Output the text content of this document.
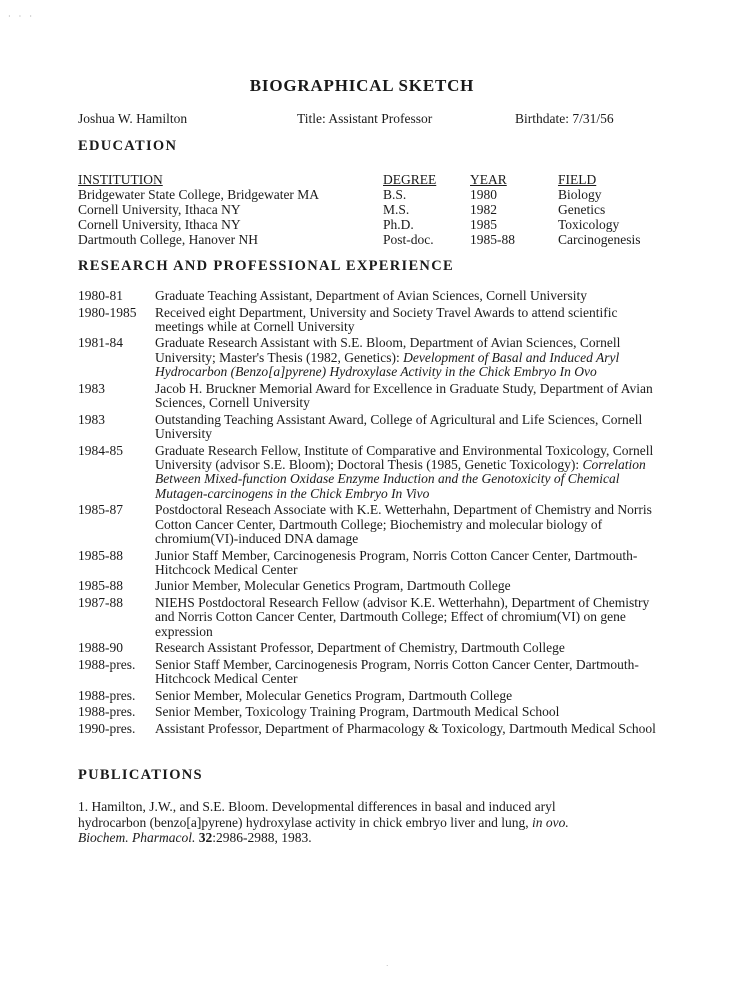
· · ·
BIOGRAPHICAL SKETCH
Joshua W. Hamilton	Title: Assistant Professor	Birthdate: 7/31/56
EDUCATION
INSTITUTION	DEGREE	YEAR	FIELD
Bridgewater State College, Bridgewater MA	B.S.	1980	Biology
Cornell University, Ithaca NY	M.S.	1982	Genetics
Cornell University, Ithaca NY	Ph.D.	1985	Toxicology
Dartmouth College, Hanover NH	Post-doc.	1985-88	Carcinogenesis
RESEARCH AND PROFESSIONAL EXPERIENCE
1980-81	Graduate Teaching Assistant, Department of Avian Sciences, Cornell University
1980-1985	Received eight Department, University and Society Travel Awards to attend scientific meetings while at Cornell University
1981-84	Graduate Research Assistant with S.E. Bloom, Department of Avian Sciences, Cornell University; Master's Thesis (1982, Genetics): Development of Basal and Induced Aryl Hydrocarbon (Benzo[a]pyrene) Hydroxylase Activity in the Chick Embryo In Ovo
1983	Jacob H. Bruckner Memorial Award for Excellence in Graduate Study, Department of Avian Sciences, Cornell University
1983	Outstanding Teaching Assistant Award, College of Agricultural and Life Sciences, Cornell University
1984-85	Graduate Research Fellow, Institute of Comparative and Environmental Toxicology, Cornell University (advisor S.E. Bloom); Doctoral Thesis (1985, Genetic Toxicology): Correlation Between Mixed-function Oxidase Enzyme Induction and the Genotoxicity of Chemical Mutagen-carcinogens in the Chick Embryo In Vivo
1985-87	Postdoctoral Reseach Associate with K.E. Wetterhahn, Department of Chemistry and Norris Cotton Cancer Center, Dartmouth College; Biochemistry and molecular biology of chromium(VI)-induced DNA damage
1985-88	Junior Staff Member, Carcinogenesis Program, Norris Cotton Cancer Center, Dartmouth-Hitchcock Medical Center
1985-88	Junior Member, Molecular Genetics Program, Dartmouth College
1987-88	NIEHS Postdoctoral Research Fellow (advisor K.E. Wetterhahn), Department of Chemistry and Norris Cotton Cancer Center, Dartmouth College; Effect of chromium(VI) on gene expression
1988-90	Research Assistant Professor, Department of Chemistry, Dartmouth College
1988-pres.	Senior Staff Member, Carcinogenesis Program, Norris Cotton Cancer Center, Dartmouth-Hitchcock Medical Center
1988-pres.	Senior Member, Molecular Genetics Program, Dartmouth College
1988-pres.	Senior Member, Toxicology Training Program, Dartmouth Medical School
1990-pres.	Assistant Professor, Department of Pharmacology & Toxicology, Dartmouth Medical School
PUBLICATIONS
1. Hamilton, J.W., and S.E. Bloom. Developmental differences in basal and induced aryl
hydrocarbon (benzo[a]pyrene) hydroxylase activity in chick embryo liver and lung, in ovo.
Biochem. Pharmacol. 32:2986-2988, 1983.
·
